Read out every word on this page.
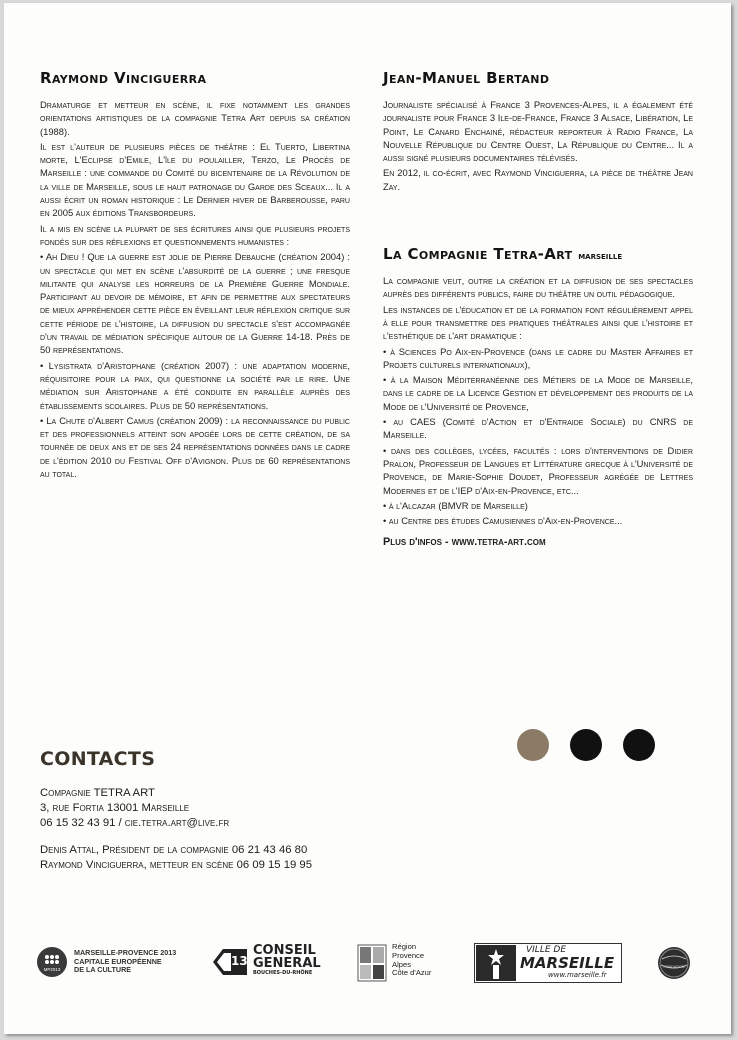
Raymond Vinciguerra

Dramaturge et metteur en scène, il fixe notamment les grandes orientations artistiques de la compagnie Tetra Art depuis sa création (1988).

Il est l'auteur de plusieurs pièces de théâtre : El Tuerto, Libertina morte, L'Eclipse d'Emile, L'île du poulailler, Terzo, Le Procès de Marseille : une commande du Comité du bicentenaire de la Révolution de la ville de Marseille, sous le haut patronage du Garde des Sceaux... Il a aussi écrit un roman historique : Le Dernier hiver de Barberousse, paru en 2005 aux éditions Transbordeurs.

Il a mis en scène la plupart de ses écritures ainsi que plusieurs projets fondés sur des réflexions et questionnements humanistes :

• Ah Dieu ! Que la guerre est jolie de Pierre Debauche (création 2004) : un spectacle qui met en scène l'absurdité de la guerre ; une fresque militante qui analyse les horreurs de la Première Guerre Mondiale. Participant au devoir de mémoire, et afin de permettre aux spectateurs de mieux appréhender cette pièce en éveillant leur réflexion critique sur cette période de l'histoire, la diffusion du spectacle s'est accompagnée d'un travail de médiation spécifique autour de la Guerre 14-18. Près de 50 représentations.

• Lysistrata d'Aristophane (création 2007) : une adaptation moderne, réquisitoire pour la paix, qui questionne la société par le rire. Une médiation sur Aristophane a été conduite en parallèle auprès des établissements scolaires. Plus de 50 représentations.

• La Chute d'Albert Camus (création 2009) : la reconnaissance du public et des professionnels atteint son apogée lors de cette création, de sa tournée de deux ans et de ses 24 représentations données dans le cadre de l'édition 2010 du Festival Off d'Avignon. Plus de 60 représentations au total.

Jean-Manuel Bertand

Journaliste spécialisé à France 3 Provences-Alpes, il a également été journaliste pour France 3 Ile-de-France, France 3 Alsace, Libération, Le Point, Le Canard Enchainé, rédacteur reporteur à Radio France, La Nouvelle République du Centre Ouest, La République du Centre... Il a aussi signé plusieurs documentaires télévisés.

En 2012, il co-écrit, avec Raymond Vinciguerra, la pièce de théâtre Jean Zay.

La Compagnie Tetra-Art marseille

La compagnie veut, outre la création et la diffusion de ses spectacles auprès des différents publics, faire du théâtre un outil pédagogique.

Les instances de l'éducation et de la formation font régulièrement appel à elle pour transmettre des pratiques théâtrales ainsi que l'histoire et l'esthétique de l'art dramatique :

• à Sciences Po Aix-en-Provence (dans le cadre du Master Affaires et Projets culturels internationaux),

• à la Maison Méditerranéenne des Métiers de la Mode de Marseille, dans le cadre de la Licence Gestion et développement des produits de la Mode de l'Université de Provence,

• au CAES (Comité d'Action et d'Entraide Sociale) du CNRS de Marseille.

• dans des collèges, lycées, facultés : lors d'interventions de Didier Pralon, Professeur de Langues et Littérature grecque à l'Université de Provence, de Marie-Sophie Doudet, Professeur agrégée de Lettres Modernes et de l'IEP d'Aix-en-Provence, etc...

• à l'Alcazar (BMVR de Marseille)

• au Centre des études Camusiennes d'Aix-en-Provence...

Plus d'infos - www.tetra-art.com
CONTACTS
Compagnie TETRA ART
3, rue Fortia 13001 Marseille
06 15 32 43 91 / cie.tetra.art@live.fr
Denis Attal, Président de la compagnie 06 21 43 46 80
Raymond Vinciguerra, metteur en scène 06 09 15 19 95
MP2013
MARSEILLE-PROVENCE 2013
CAPITALE EUROPÉENNE
DE LA CULTURE
13
CONSEIL
GENERAL
BOUCHES-DU-RHÔNE
Région
Provence
Alpes
Côte d'Azur
VILLE DE
MARSEILLE
www.marseille.fr
FONDATION
